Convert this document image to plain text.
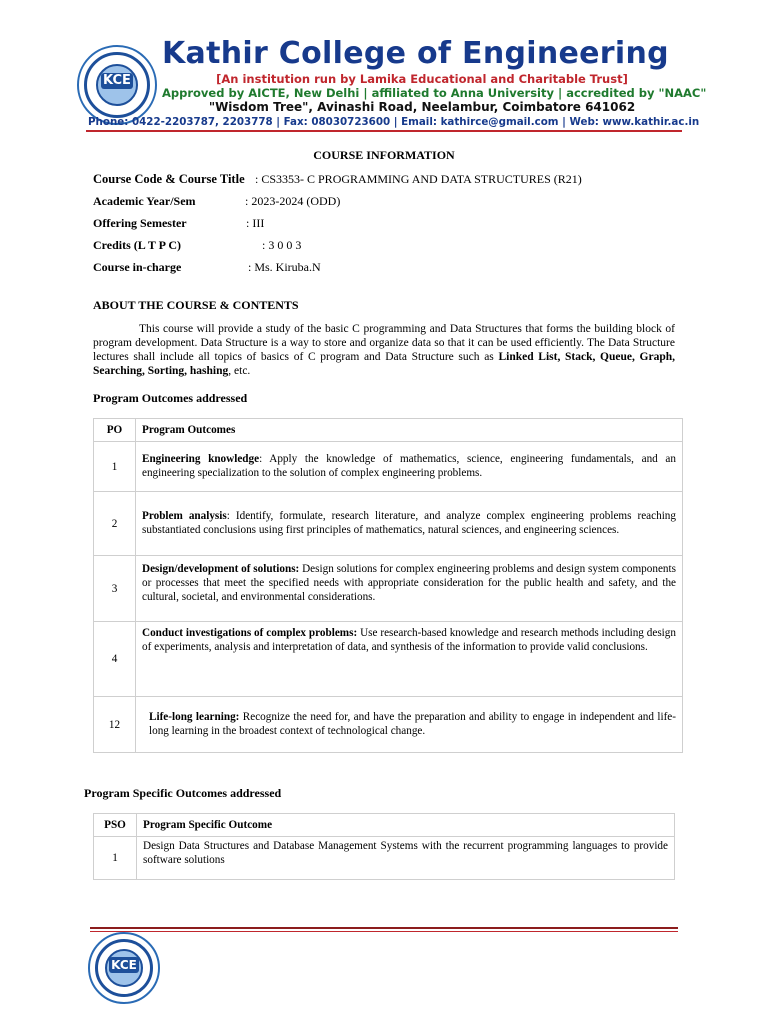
KCE
Kathir College of Engineering
[An institution run by Lamika Educational and Charitable Trust]
Approved by AICTE, New Delhi | affiliated to Anna University | accredited by "NAAC"
"Wisdom Tree", Avinashi Road, Neelambur, Coimbatore 641062
Phone: 0422-2203787, 2203778 | Fax: 08030723600 | Email: kathirce@gmail.com | Web: www.kathir.ac.in
COURSE INFORMATION
Course Code & Course Title : CS3353- C PROGRAMMING AND DATA STRUCTURES (R21)
Academic Year/Sem	: 2023-2024 (ODD)
Offering Semester	: III
Credits (L T P C)	: 3 0 0 3
Course in-charge	: Ms. Kiruba.N
ABOUT THE COURSE & CONTENTS
This course will provide a study of the basic C programming and Data Structures that forms the building block of program development. Data Structure is a way to store and organize data so that it can be used efficiently. The Data Structure lectures shall include all topics of basics of C program and Data Structure such as Linked List, Stack, Queue, Graph, Searching, Sorting, hashing, etc.
Program Outcomes addressed
PO	Program Outcomes
1	Engineering knowledge: Apply the knowledge of mathematics, science, engineering fundamentals, and an engineering specialization to the solution of complex engineering problems.
2	Problem analysis: Identify, formulate, research literature, and analyze complex engineering problems reaching substantiated conclusions using first principles of mathematics, natural sciences, and engineering sciences.
3	Design/development of solutions: Design solutions for complex engineering problems and design system components or processes that meet the specified needs with appropriate consideration for the public health and safety, and the cultural, societal, and environmental considerations.
4	Conduct investigations of complex problems: Use research-based knowledge and research methods including design of experiments, analysis and interpretation of data, and synthesis of the information to provide valid conclusions.
12	Life-long learning: Recognize the need for, and have the preparation and ability to engage in independent and life-long learning in the broadest context of technological change.
Program Specific Outcomes addressed
PSO	Program Specific Outcome
1	Design Data Structures and Database Management Systems with the recurrent programming languages to provide software solutions
KCE
